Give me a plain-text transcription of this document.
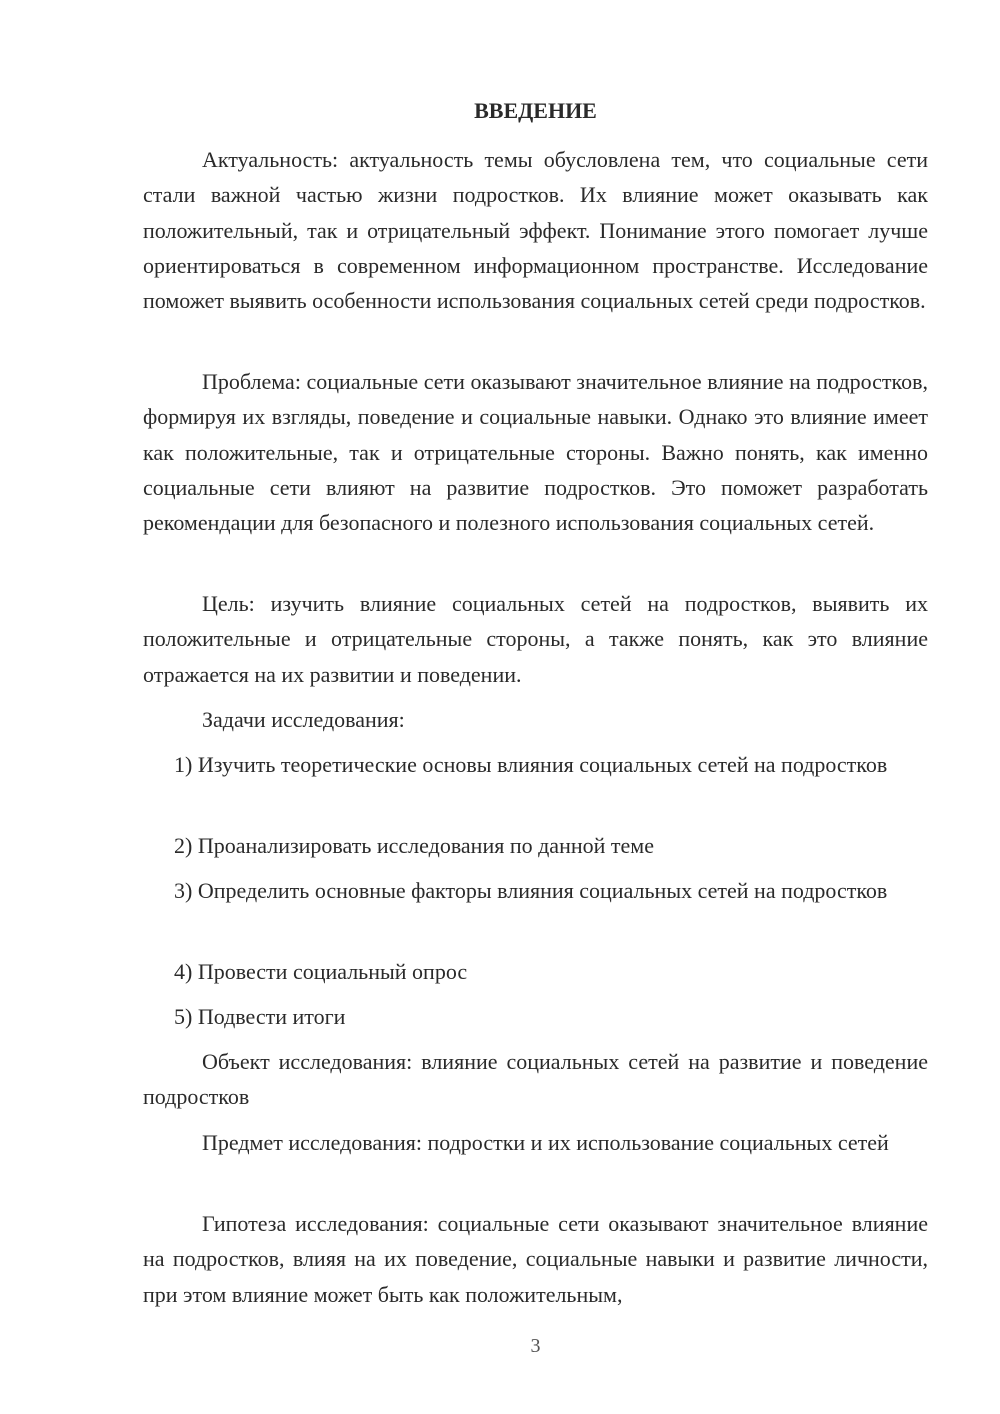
ВВЕДЕНИЕ

Актуальность: актуальность темы обусловлена тем, что социальные сети стали важной частью жизни подростков. Их влияние может оказывать как положительный, так и отрицательный эффект. Понимание этого помогает лучше ориентироваться в современном информационном пространстве. Исследование поможет выявить особенности использования социальных сетей среди подростков.

Проблема: социальные сети оказывают значительное влияние на подростков, формируя их взгляды, поведение и социальные навыки. Однако это влияние имеет как положительные, так и отрицательные стороны. Важно понять, как именно социальные сети влияют на развитие подростков. Это поможет разработать рекомендации для безопасного и полезного использования социальных сетей.

Цель: изучить влияние социальных сетей на подростков, выявить их положительные и отрицательные стороны, а также понять, как это влияние отражается на их развитии и поведении.

Задачи исследования:

1) Изучить теоретические основы влияния социальных сетей на подростков

2) Проанализировать исследования по данной теме

3) Определить основные факторы влияния социальных сетей на подростков

4) Провести социальный опрос

5) Подвести итоги

Объект исследования: влияние социальных сетей на развитие и поведение подростков

Предмет исследования: подростки и их использование социальных сетей

Гипотеза исследования: социальные сети оказывают значительное влияние на подростков, влияя на их поведение, социальные навыки и развитие личности, при этом влияние может быть как положительным,

3
